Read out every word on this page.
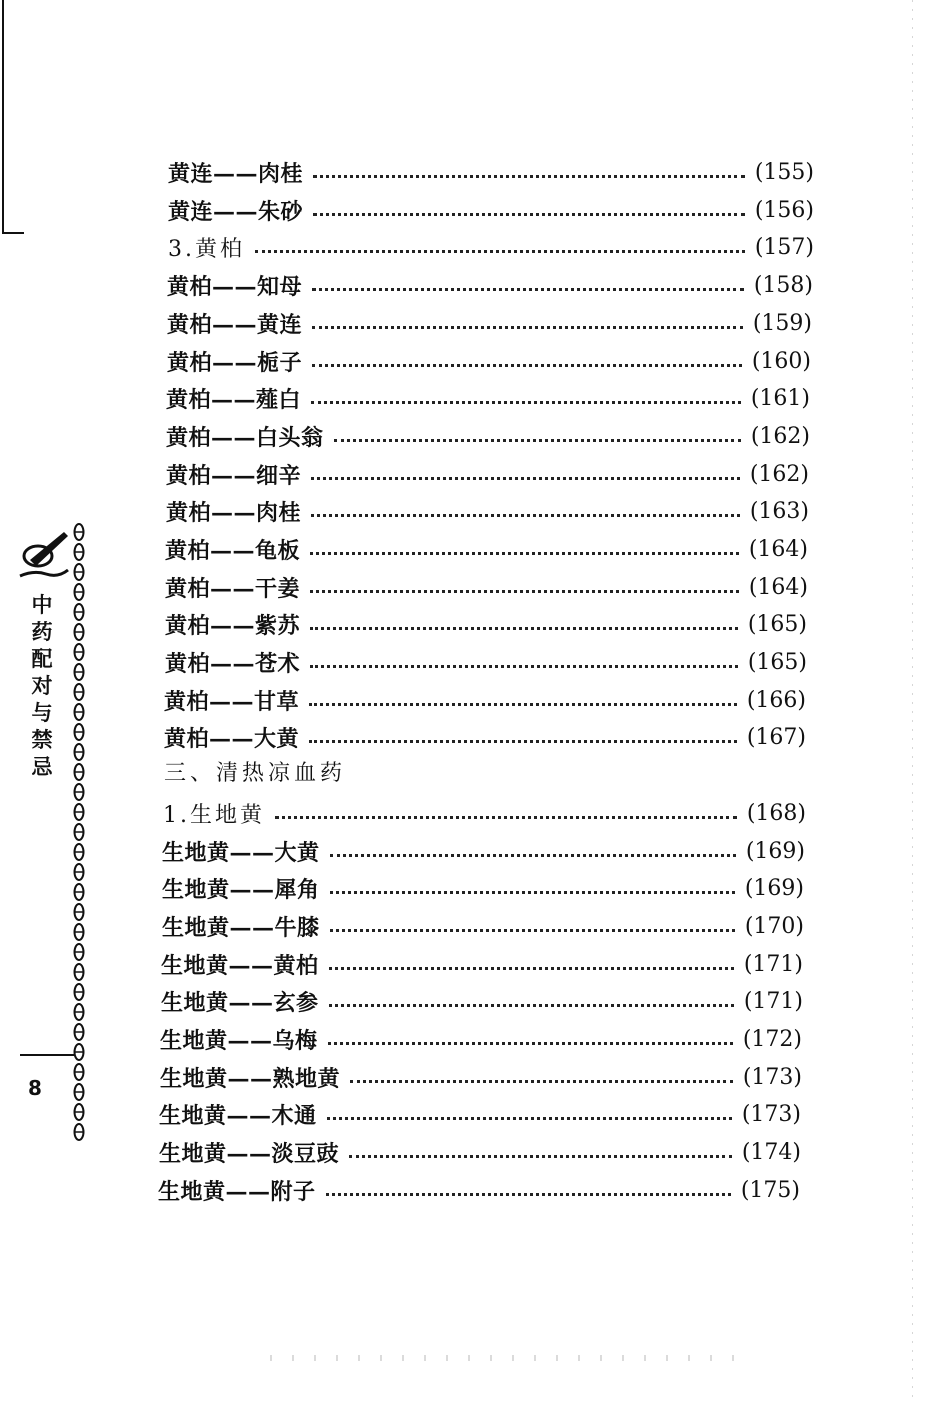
黄连——肉桂	(155)
黄连——朱砂	(156)
3.黄柏	(157)
黄柏——知母	(158)
黄柏——黄连	(159)
黄柏——栀子	(160)
黄柏——薤白	(161)
黄柏——白头翁	(162)
黄柏——细辛	(162)
黄柏——肉桂	(163)
黄柏——龟板	(164)
黄柏——干姜	(164)
黄柏——紫苏	(165)
黄柏——苍术	(165)
黄柏——甘草	(166)
黄柏——大黄	(167)
三、清热凉血药
1.生地黄	(168)
生地黄——大黄	(169)
生地黄——犀角	(169)
生地黄——牛膝	(170)
生地黄——黄柏	(171)
生地黄——玄参	(171)
生地黄——乌梅	(172)
生地黄——熟地黄	(173)
生地黄——木通	(173)
生地黄——淡豆豉	(174)
生地黄——附子	(175)
中药配对与禁忌
8
